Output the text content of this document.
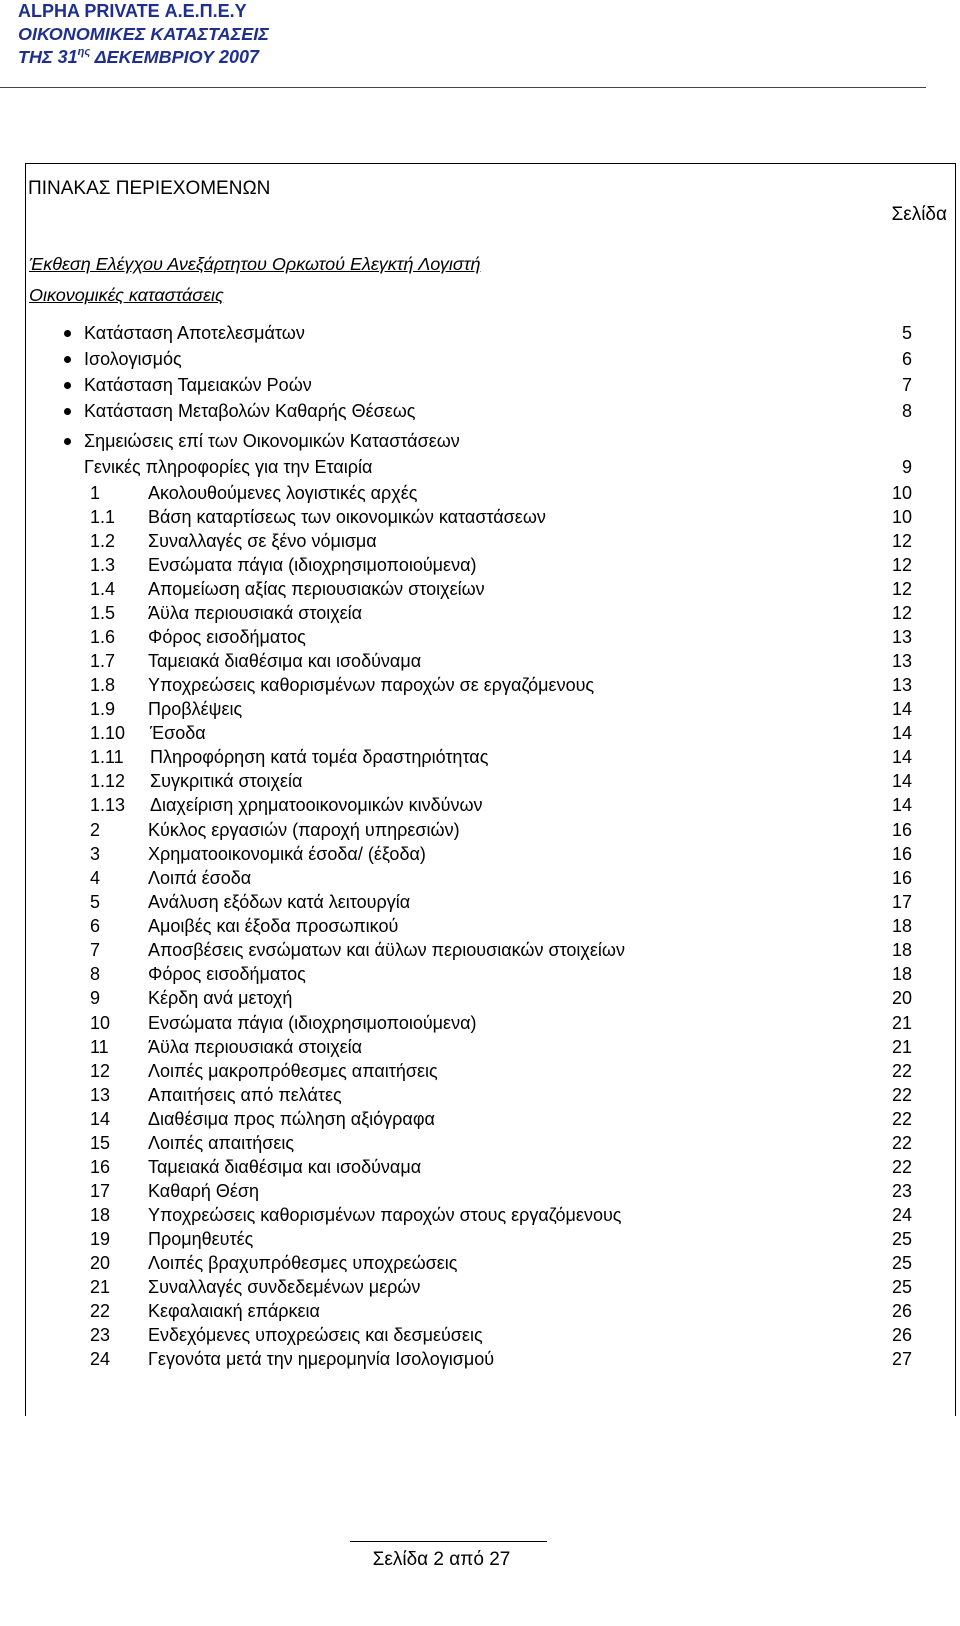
ALPHA PRIVATE Α.Ε.Π.Ε.Υ
ΟΙΚΟΝΟΜΙΚΕΣ ΚΑΤΑΣΤΑΣΕΙΣ
ΤΗΣ $31^{\eta\varsigma}$ ΔΕΚΕΜΒΡΙΟΥ 2007
ΠΙΝΑΚΑΣ ΠΕΡΙΕΧΟΜΕΝΩΝ
Σελίδα
Έκθεση Ελέγχου Ανεξάρτητου Ορκωτού Ελεγκτή Λογιστή
Οικονομικές καταστάσεις
Κατάσταση Αποτελεσμάτων	5
Ισολογισμός	6
Κατάσταση Ταμειακών Ροών	7
Κατάσταση Μεταβολών Καθαρής Θέσεως	8
Σημειώσεις επί των Οικονομικών Καταστάσεων
Γενικές πληροφορίες για την Εταιρία	9
1	Ακολουθούμενες λογιστικές αρχές	10
1.1 Βάση καταρτίσεως των οικονομικών καταστάσεων	10
1.2 Συναλλαγές σε ξένο νόμισμα	12
1.3 Ενσώματα πάγια (ιδιοχρησιμοποιούμενα)	12
1.4 Απομείωση αξίας περιουσιακών στοιχείων	12
1.5 Άϋλα περιουσιακά στοιχεία	12
1.6 Φόρος εισοδήματος	13
1.7 Ταμειακά διαθέσιμα και ισοδύναμα	13
1.8 Υποχρεώσεις καθορισμένων παροχών σε εργαζόμενους	13
1.9 Προβλέψεις	14
1.10 Έσοδα	14
1.11 Πληροφόρηση κατά τομέα δραστηριότητας	14
1.12 Συγκριτικά στοιχεία	14
1.13 Διαχείριση χρηματοοικονομικών κινδύνων	14
2	Κύκλος εργασιών (παροχή υπηρεσιών)	16
3	Χρηματοοικονομικά έσοδα/ (έξοδα)	16
4	Λοιπά έσοδα	16
5	Ανάλυση εξόδων κατά λειτουργία	17
6	Αμοιβές και έξοδα προσωπικού	18
7	Αποσβέσεις ενσώματων και άϋλων περιουσιακών στοιχείων	18
8	Φόρος εισοδήματος	18
9	Κέρδη ανά μετοχή	20
10 Ενσώματα πάγια (ιδιοχρησιμοποιούμενα)	21
11 Άϋλα περιουσιακά στοιχεία	21
12 Λοιπές μακροπρόθεσμες απαιτήσεις	22
13 Απαιτήσεις από πελάτες	22
14 Διαθέσιμα προς πώληση αξιόγραφα	22
15 Λοιπές απαιτήσεις	22
16 Ταμειακά διαθέσιμα και ισοδύναμα	22
17 Καθαρή Θέση	23
18 Υποχρεώσεις καθορισμένων παροχών στους εργαζόμενους	24
19 Προμηθευτές	25
20 Λοιπές βραχυπρόθεσμες υποχρεώσεις	25
21 Συναλλαγές συνδεδεμένων μερών	25
22 Κεφαλαιακή επάρκεια	26
23 Ενδεχόμενες υποχρεώσεις και δεσμεύσεις	26
24 Γεγονότα μετά την ημερομηνία Ισολογισμού	27
Σελίδα 2 από 27
